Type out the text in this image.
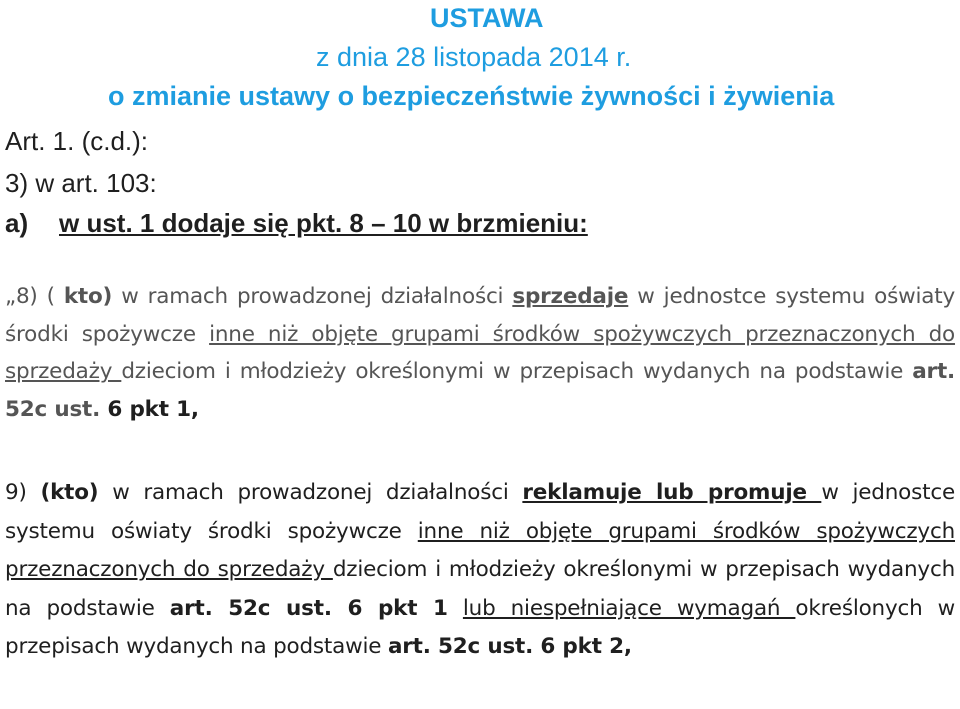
USTAWA
z dnia 28 listopada 2014 r.
o zmianie ustawy o bezpieczeństwie żywności i żywienia
Art. 1. (c.d.):
3) w art. 103:
a) w ust. 1 dodaje się pkt. 8 – 10 w brzmieniu:
„8) ( kto) w ramach prowadzonej działalności sprzedaje w jednostce systemu oświaty środki spożywcze inne niż objęte grupami środków spożywczych przeznaczonych do sprzedaży dzieciom i młodzieży określonymi w przepisach wydanych na podstawie art. 52c ust. 6 pkt 1,
9) (kto) w ramach prowadzonej działalności reklamuje lub promuje w jednostce systemu oświaty środki spożywcze inne niż objęte grupami środków spożywczych przeznaczonych do sprzedaży dzieciom i młodzieży określonymi w przepisach wydanych na podstawie art. 52c ust. 6 pkt 1 lub niespełniające wymagań określonych w przepisach wydanych na podstawie art. 52c ust. 6 pkt 2,
